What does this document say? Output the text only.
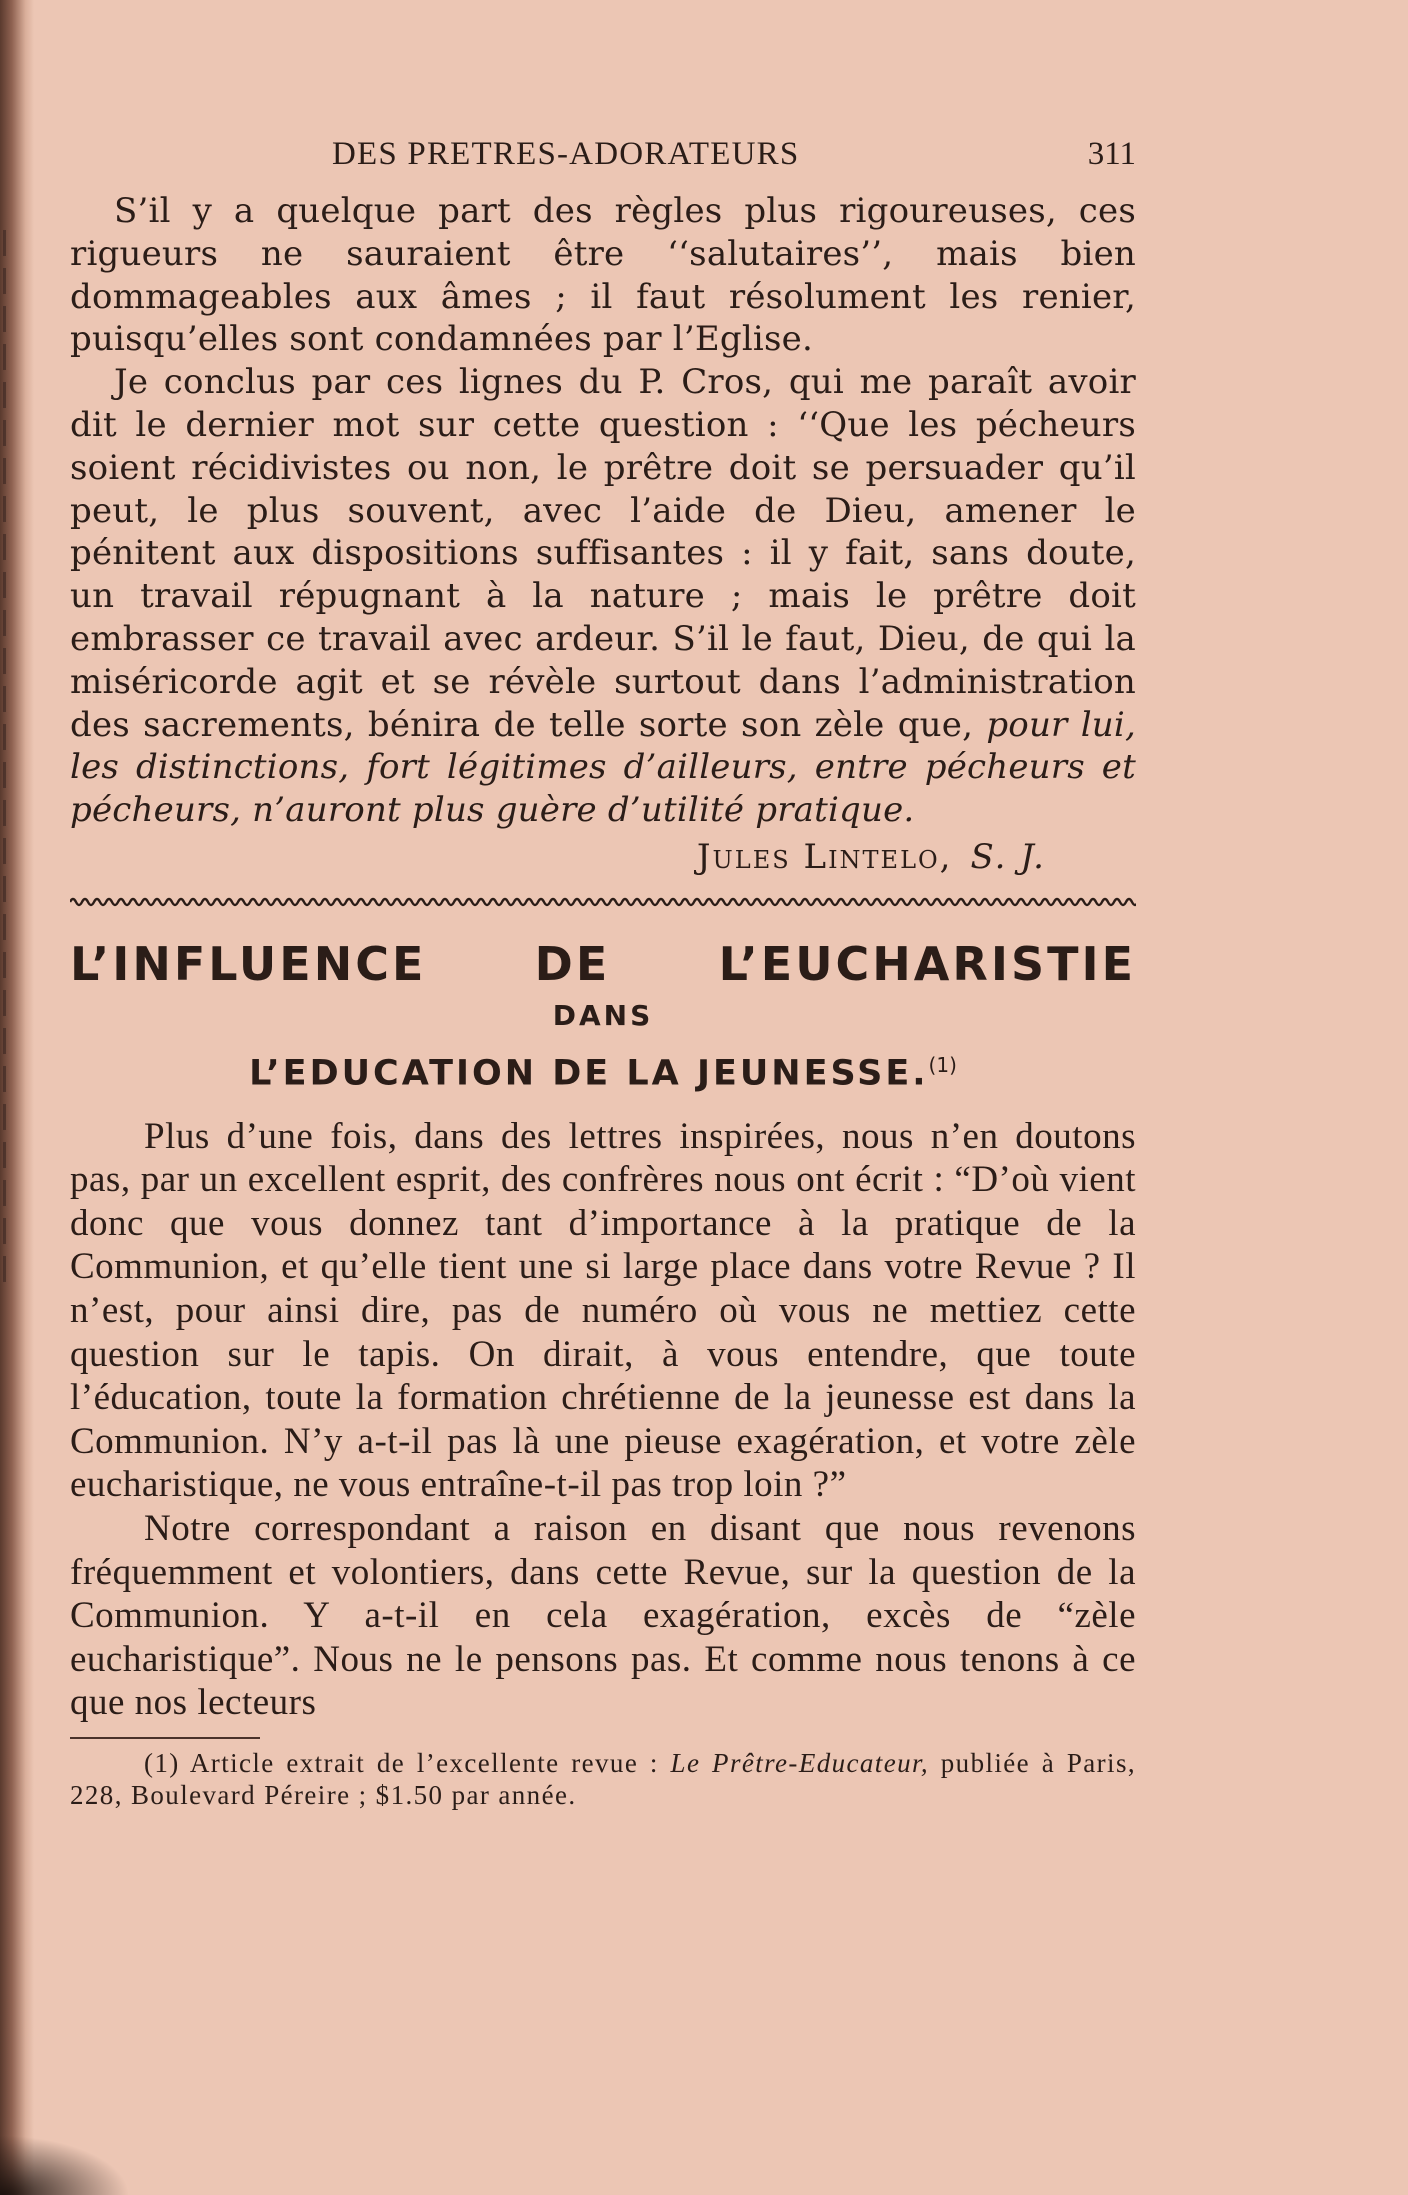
DES PRETRES-ADORATEURS	311

S’il y a quelque part des règles plus rigoureuses, ces rigueurs ne sauraient être ‘‘salutaires’’, mais bien dommageables aux âmes ; il faut résolument les renier, puisqu’elles sont condamnées par l’Eglise.

Je conclus par ces lignes du P. Cros, qui me paraît avoir dit le dernier mot sur cette question : ‘‘Que les pécheurs soient récidivistes ou non, le prêtre doit se persuader qu’il peut, le plus souvent, avec l’aide de Dieu, amener le pénitent aux dispositions suffisantes : il y fait, sans doute, un travail répugnant à la nature ; mais le prêtre doit embrasser ce travail avec ardeur. S’il le faut, Dieu, de qui la miséricorde agit et se révèle surtout dans l’administration des sacrements, bénira de telle sorte son zèle que, pour lui, les distinctions, fort légitimes d’ailleurs, entre pécheurs et pécheurs, n’auront plus guère d’utilité pratique.

Jules Lintelo, S. J.
L’INFLUENCE DE L’EUCHARISTIE
DANS
L’EDUCATION DE LA JEUNESSE.$^{(1)}$

Plus d’une fois, dans des lettres inspirées, nous n’en doutons pas, par un excellent esprit, des confrères nous ont écrit : “D’où vient donc que vous donnez tant d’importance à la pratique de la Communion, et qu’elle tient une si large place dans votre Revue ? Il n’est, pour ainsi dire, pas de numéro où vous ne mettiez cette question sur le tapis. On dirait, à vous entendre, que toute l’éducation, toute la formation chrétienne de la jeunesse est dans la Communion. N’y a-t-il pas là une pieuse exagération, et votre zèle eucharistique, ne vous entraîne-t-il pas trop loin ?”

Notre correspondant a raison en disant que nous revenons fréquemment et volontiers, dans cette Revue, sur la question de la Communion. Y a-t-il en cela exagération, excès de “zèle eucharistique”. Nous ne le pensons pas. Et comme nous tenons à ce que nos lecteurs

(1) Article extrait de l’excellente revue : Le Prêtre-Educateur, publiée à Paris, 228, Boulevard Péreire ; $1.50 par année.
